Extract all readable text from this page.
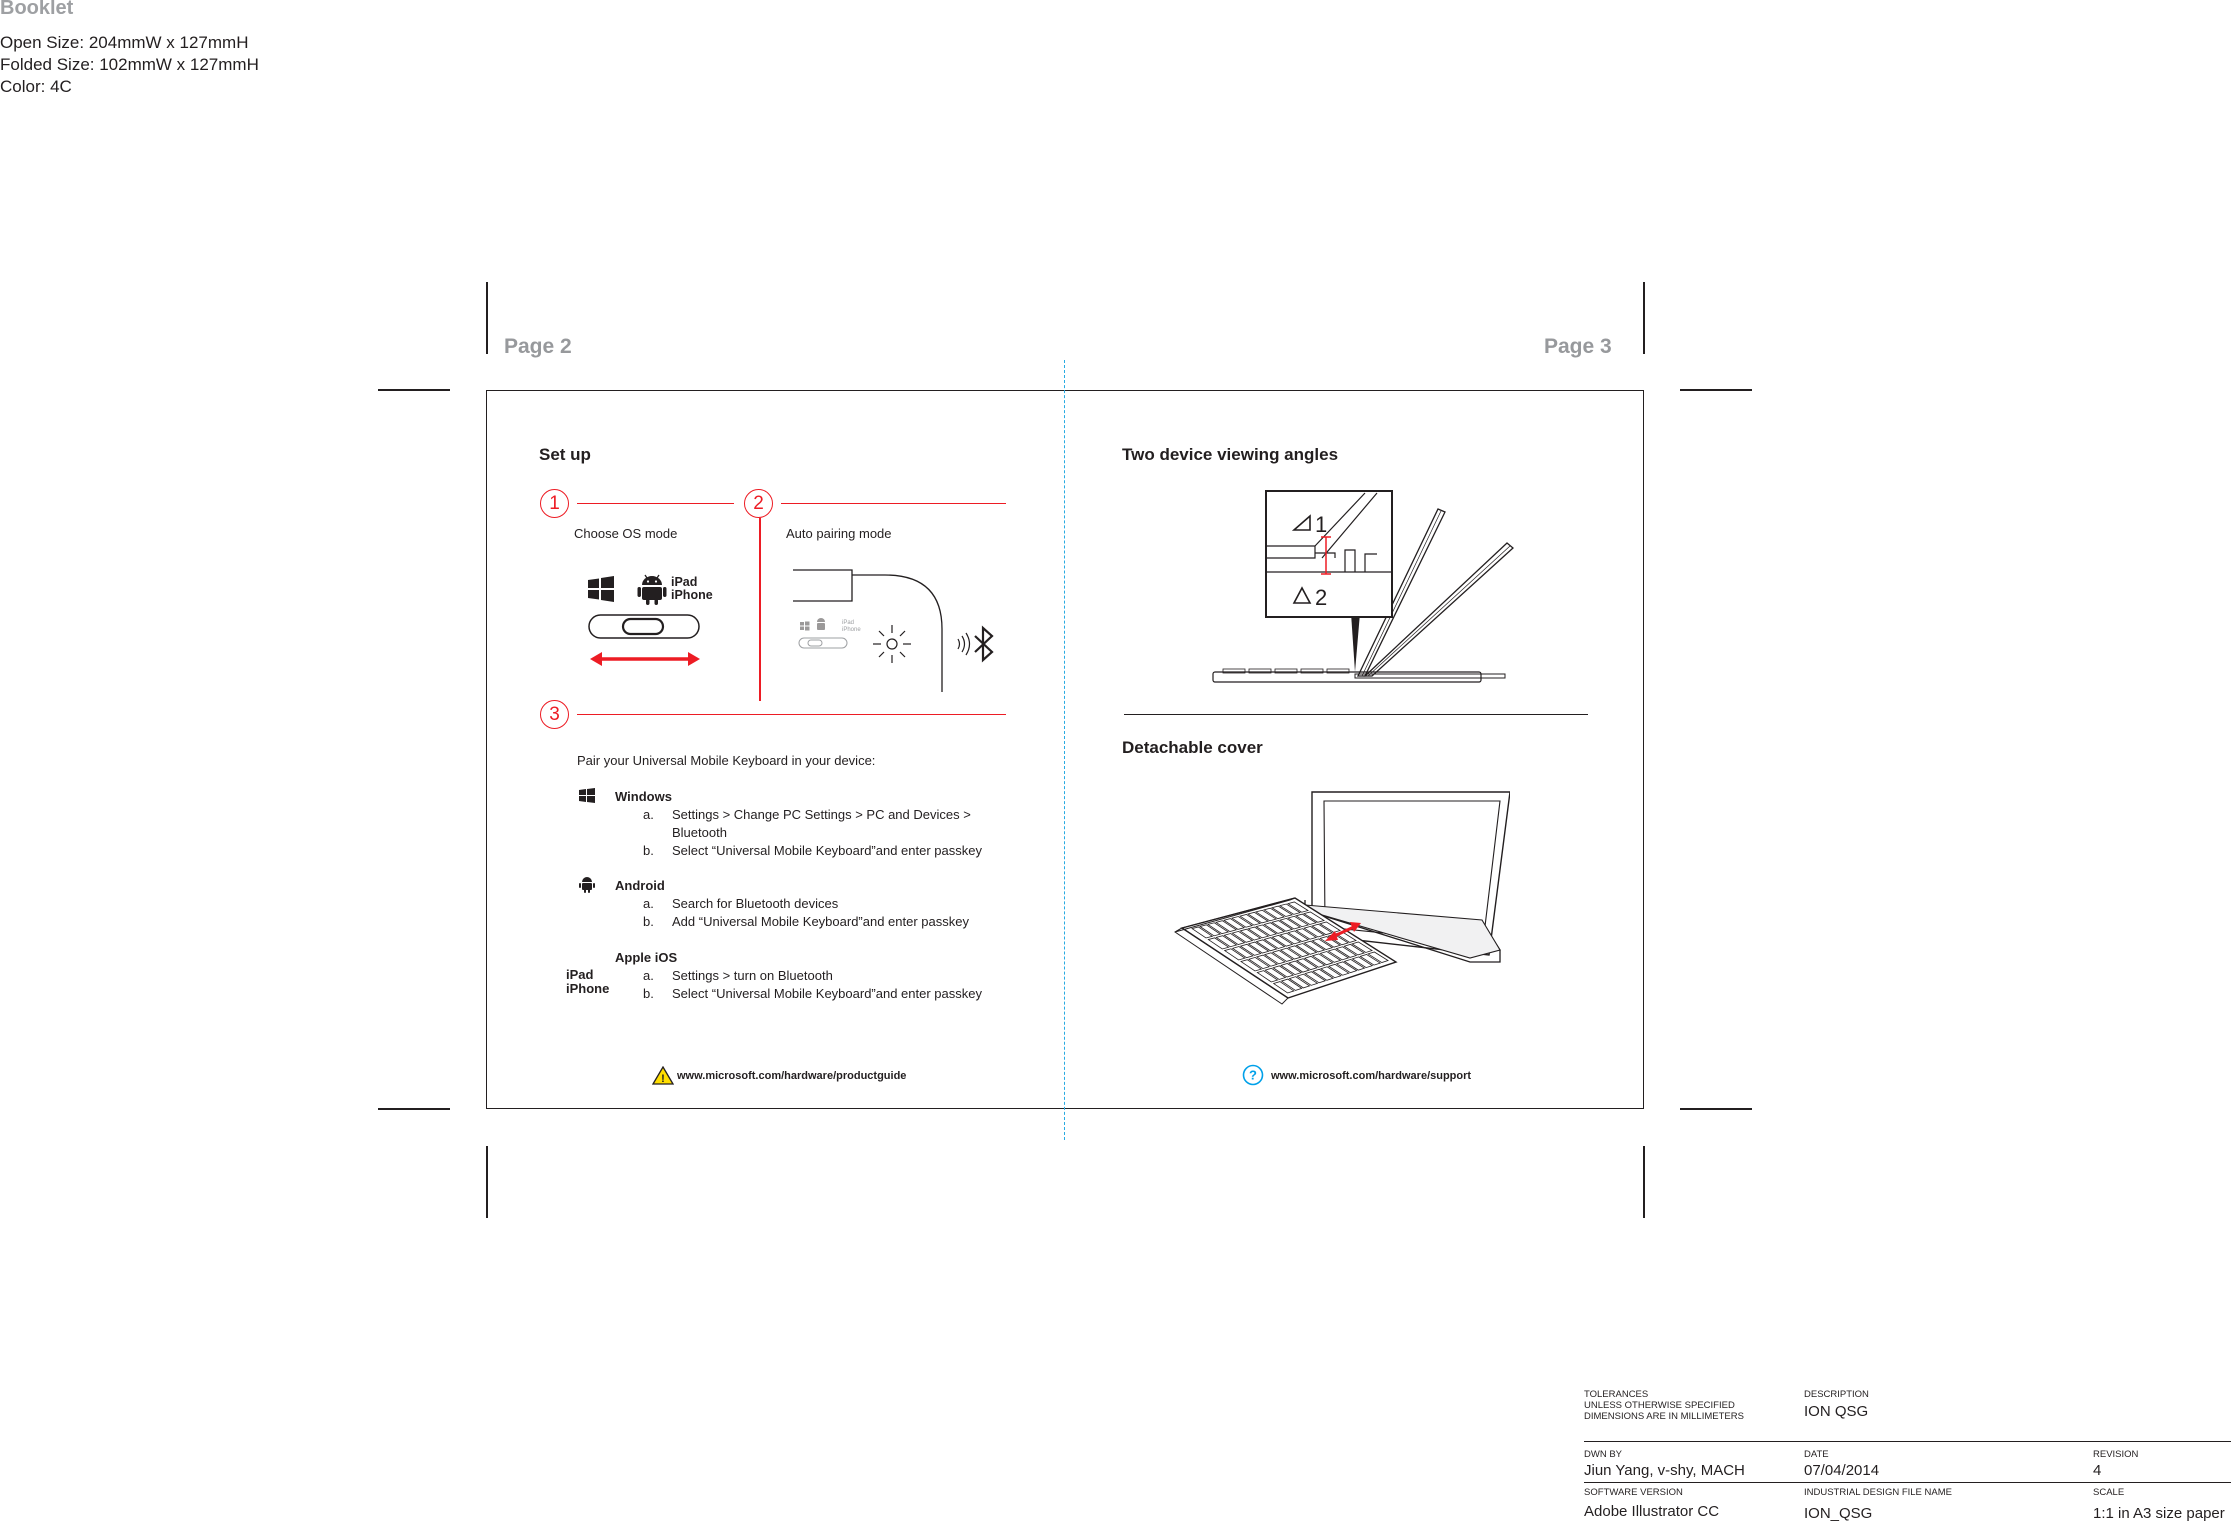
Booklet
Open Size: 204mmW x 127mmH
Folded Size: 102mmW x 127mmH
Color: 4C
Page 2	Page 3
Set up
1	2
Choose OS mode	Auto pairing mode
iPad
iPhone
iPad
iPhone
3
Pair your Universal Mobile Keyboard in your device:
Windows
a. Settings > Change PC Settings > PC and Devices >
Bluetooth
b. Select “Universal Mobile Keyboard”and enter passkey
Android
a. Search for Bluetooth devices
b. Add “Universal Mobile Keyboard”and enter passkey
Apple iOS
iPad
iPhone
a. Settings > turn on Bluetooth
b. Select “Universal Mobile Keyboard”and enter passkey
! www.microsoft.com/hardware/productguide
Two device viewing angles
1
2
Detachable cover
? www.microsoft.com/hardware/support
TOLERANCES
UNLESS OTHERWISE SPECIFIED
DIMENSIONS ARE IN MILLIMETERS
DESCRIPTION
ION QSG
DWN BY
Jiun Yang, v-shy, MACH
DATE
07/04/2014
REVISION
4
SOFTWARE VERSION
Adobe Illustrator CC
INDUSTRIAL DESIGN FILE NAME
ION_QSG
SCALE
1:1 in A3 size paper
